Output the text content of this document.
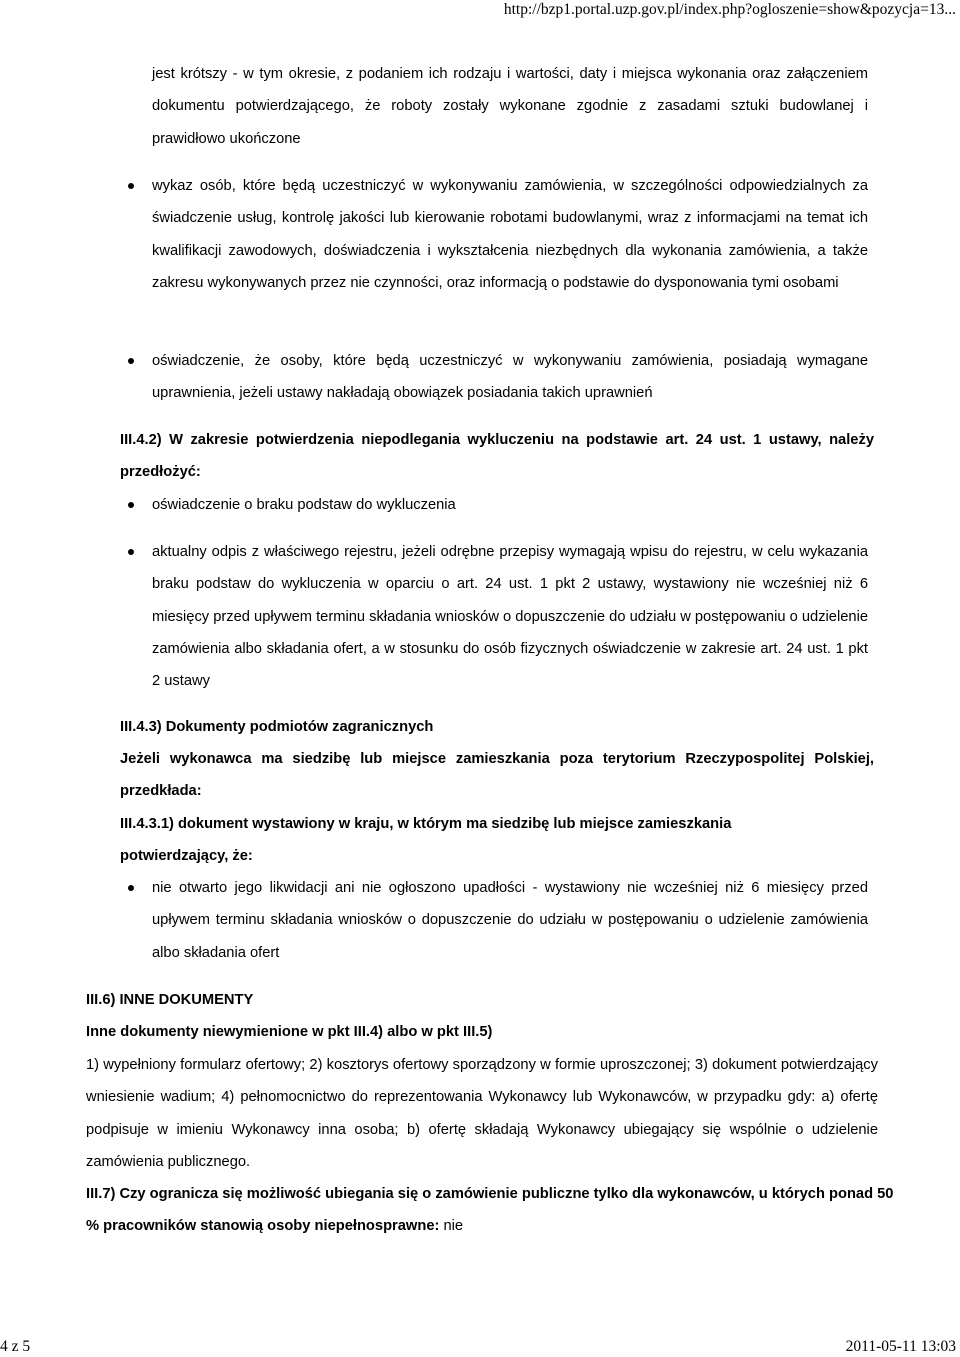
http://bzp1.portal.uzp.gov.pl/index.php?ogloszenie=show&pozycja=13...
jest krótszy - w tym okresie, z podaniem ich rodzaju i wartości, daty i miejsca wykonania oraz załączeniem dokumentu potwierdzającego, że roboty zostały wykonane zgodnie z zasadami sztuki budowlanej i prawidłowo ukończone
wykaz osób, które będą uczestniczyć w wykonywaniu zamówienia, w szczególności odpowiedzialnych za świadczenie usług, kontrolę jakości lub kierowanie robotami budowlanymi, wraz z informacjami na temat ich kwalifikacji zawodowych, doświadczenia i wykształcenia niezbędnych dla wykonania zamówienia, a także zakresu wykonywanych przez nie czynności, oraz informacją o podstawie do dysponowania tymi osobami
oświadczenie, że osoby, które będą uczestniczyć w wykonywaniu zamówienia, posiadają wymagane uprawnienia, jeżeli ustawy nakładają obowiązek posiadania takich uprawnień
III.4.2) W zakresie potwierdzenia niepodlegania wykluczeniu na podstawie art. 24 ust. 1 ustawy, należy przedłożyć:
oświadczenie o braku podstaw do wykluczenia
aktualny odpis z właściwego rejestru, jeżeli odrębne przepisy wymagają wpisu do rejestru, w celu wykazania braku podstaw do wykluczenia w oparciu o art. 24 ust. 1 pkt 2 ustawy, wystawiony nie wcześniej niż 6 miesięcy przed upływem terminu składania wniosków o dopuszczenie do udziału w postępowaniu o udzielenie zamówienia albo składania ofert, a w stosunku do osób fizycznych oświadczenie w zakresie art. 24 ust. 1 pkt 2 ustawy
III.4.3) Dokumenty podmiotów zagranicznych
Jeżeli wykonawca ma siedzibę lub miejsce zamieszkania poza terytorium Rzeczypospolitej Polskiej, przedkłada:
III.4.3.1) dokument wystawiony w kraju, w którym ma siedzibę lub miejsce zamieszkania potwierdzający, że:
nie otwarto jego likwidacji ani nie ogłoszono upadłości - wystawiony nie wcześniej niż 6 miesięcy przed upływem terminu składania wniosków o dopuszczenie do udziału w postępowaniu o udzielenie zamówienia albo składania ofert
III.6) INNE DOKUMENTY
Inne dokumenty niewymienione w pkt III.4) albo w pkt III.5)
1) wypełniony formularz ofertowy; 2) kosztorys ofertowy sporządzony w formie uproszczonej; 3) dokument potwierdzający wniesienie wadium; 4) pełnomocnictwo do reprezentowania Wykonawcy lub Wykonawców, w przypadku gdy: a) ofertę podpisuje w imieniu Wykonawcy inna osoba; b) ofertę składają Wykonawcy ubiegający się wspólnie o udzielenie zamówienia publicznego.
III.7) Czy ogranicza się możliwość ubiegania się o zamówienie publiczne tylko dla wykonawców, u których ponad 50 % pracowników stanowią osoby niepełnosprawne: nie
4 z 5	2011-05-11 13:03
